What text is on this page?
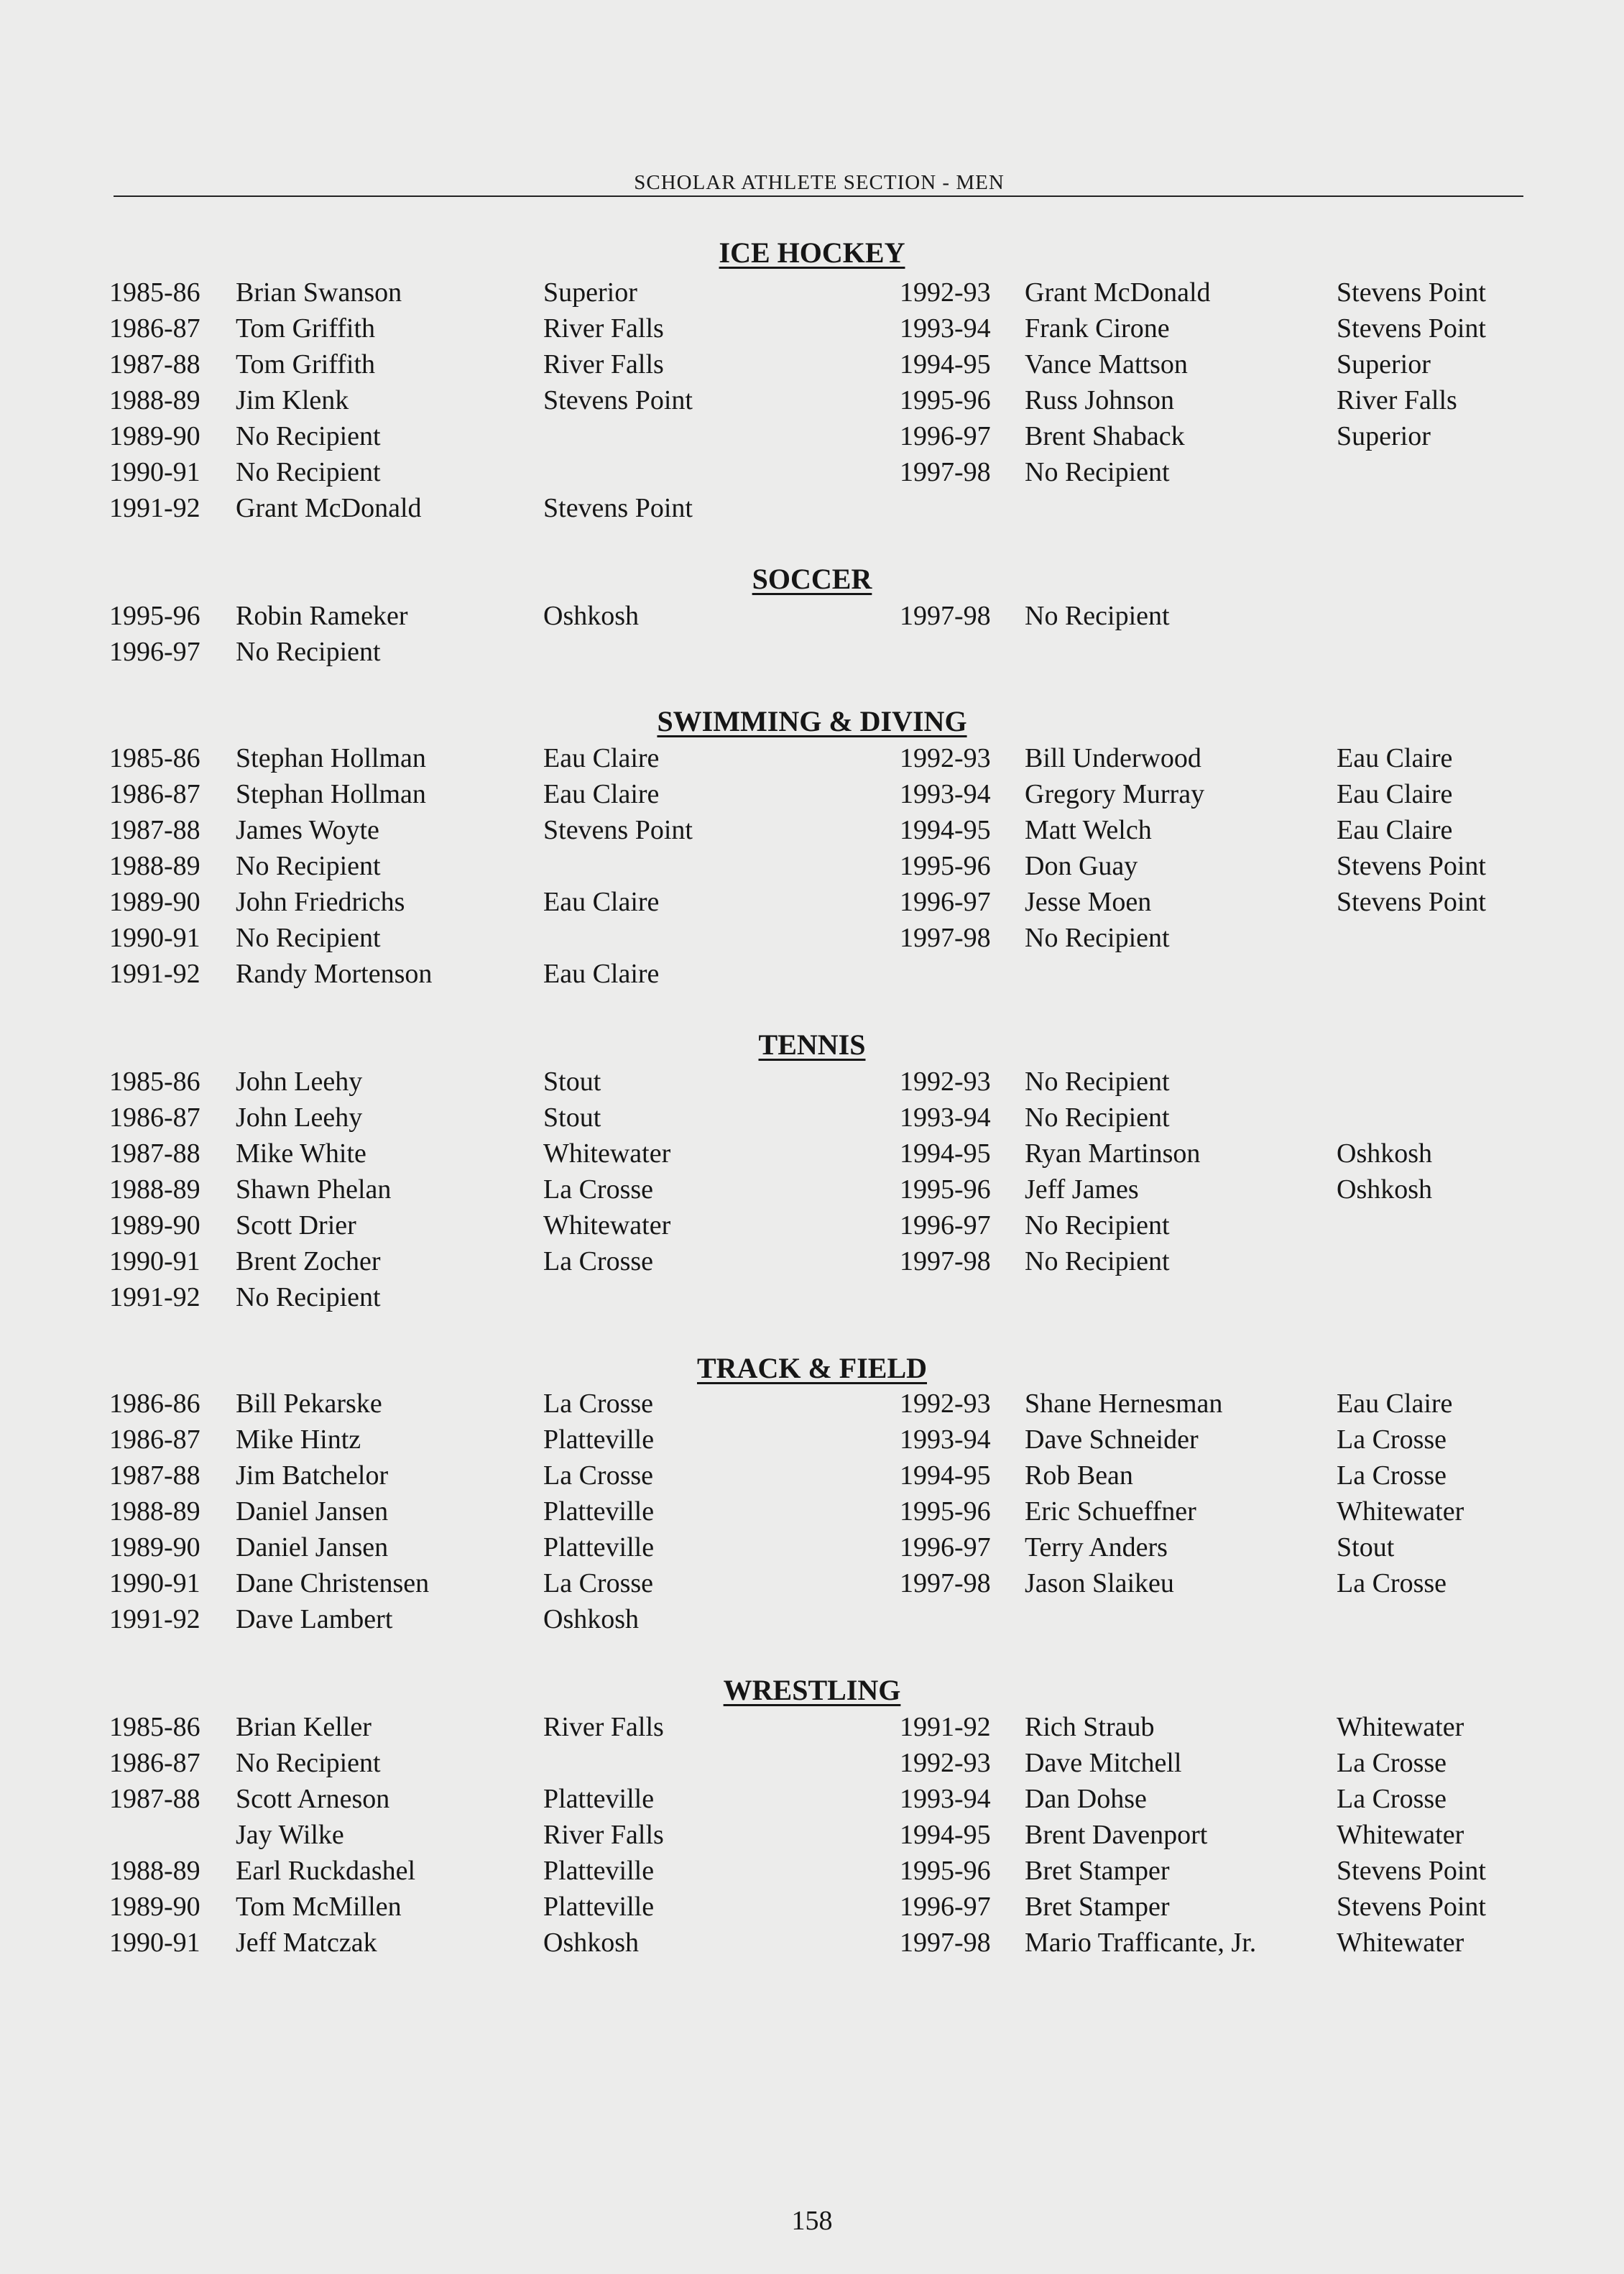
SCHOLAR ATHLETE SECTION - MEN
ICE HOCKEY
1985-86 Brian Swanson	Superior
1986-87 Tom Griffith	River Falls
1987-88 Tom Griffith	River Falls
1988-89 Jim Klenk	Stevens Point
1989-90 No Recipient
1990-91 No Recipient
1991-92 Grant McDonald	Stevens Point
1992-93 Grant McDonald	Stevens Point
1993-94 Frank Cirone	Stevens Point
1994-95 Vance Mattson	Superior
1995-96 Russ Johnson	River Falls
1996-97 Brent Shaback	Superior
1997-98 No Recipient
SOCCER
1995-96 Robin Rameker	Oshkosh
1996-97 No Recipient
1997-98 No Recipient
SWIMMING & DIVING
1985-86 Stephan Hollman	Eau Claire
1986-87 Stephan Hollman	Eau Claire
1987-88 James Woyte	Stevens Point
1988-89 No Recipient
1989-90 John Friedrichs	Eau Claire
1990-91 No Recipient
1991-92 Randy Mortenson	Eau Claire
1992-93 Bill Underwood	Eau Claire
1993-94 Gregory Murray	Eau Claire
1994-95 Matt Welch	Eau Claire
1995-96 Don Guay	Stevens Point
1996-97 Jesse Moen	Stevens Point
1997-98 No Recipient
TENNIS
1985-86 John Leehy	Stout
1986-87 John Leehy	Stout
1987-88 Mike White	Whitewater
1988-89 Shawn Phelan	La Crosse
1989-90 Scott Drier	Whitewater
1990-91 Brent Zocher	La Crosse
1991-92 No Recipient
1992-93 No Recipient
1993-94 No Recipient
1994-95 Ryan Martinson	Oshkosh
1995-96 Jeff James	Oshkosh
1996-97 No Recipient
1997-98 No Recipient
TRACK & FIELD
1986-86 Bill Pekarske	La Crosse
1986-87 Mike Hintz	Platteville
1987-88 Jim Batchelor	La Crosse
1988-89 Daniel Jansen	Platteville
1989-90 Daniel Jansen	Platteville
1990-91 Dane Christensen	La Crosse
1991-92 Dave Lambert	Oshkosh
1992-93 Shane Hernesman	Eau Claire
1993-94 Dave Schneider	La Crosse
1994-95 Rob Bean	La Crosse
1995-96 Eric Schueffner	Whitewater
1996-97 Terry Anders	Stout
1997-98 Jason Slaikeu	La Crosse
WRESTLING
1985-86 Brian Keller	River Falls
1986-87 No Recipient
1987-88 Scott Arneson	Platteville
Jay Wilke	River Falls
1988-89 Earl Ruckdashel	Platteville
1989-90 Tom McMillen	Platteville
1990-91 Jeff Matczak	Oshkosh
1991-92 Rich Straub	Whitewater
1992-93 Dave Mitchell	La Crosse
1993-94 Dan Dohse	La Crosse
1994-95 Brent Davenport	Whitewater
1995-96 Bret Stamper	Stevens Point
1996-97 Bret Stamper	Stevens Point
1997-98 Mario Trafficante, Jr.	Whitewater
158
